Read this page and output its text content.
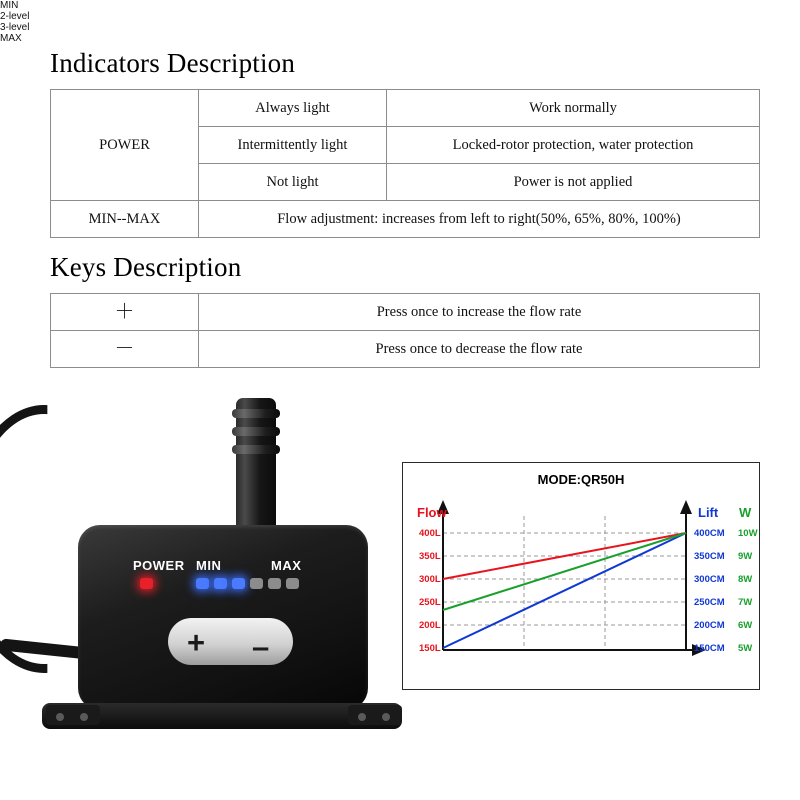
Indicators Description
POWER	Always light	Work normally
	Intermittently light	Locked-rotor protection, water protection
	Not light	Power is not applied
MIN--MAX	Flow adjustment: increases from left to right(50%, 65%, 80%, 100%)	
Keys Description
＋	Press once to increase the flow rate
－	Press once to decrease the flow rate
POWER MIN	MAX
+ –
MODE:QR50H
Flow	Lift W
400L
350L
300L
250L
200L
150L
400CM
350CM
300CM
250CM
200CM
150CM
10W
9W
8W
7W
6W
5W
MIN
2-level
3-level
MAX
